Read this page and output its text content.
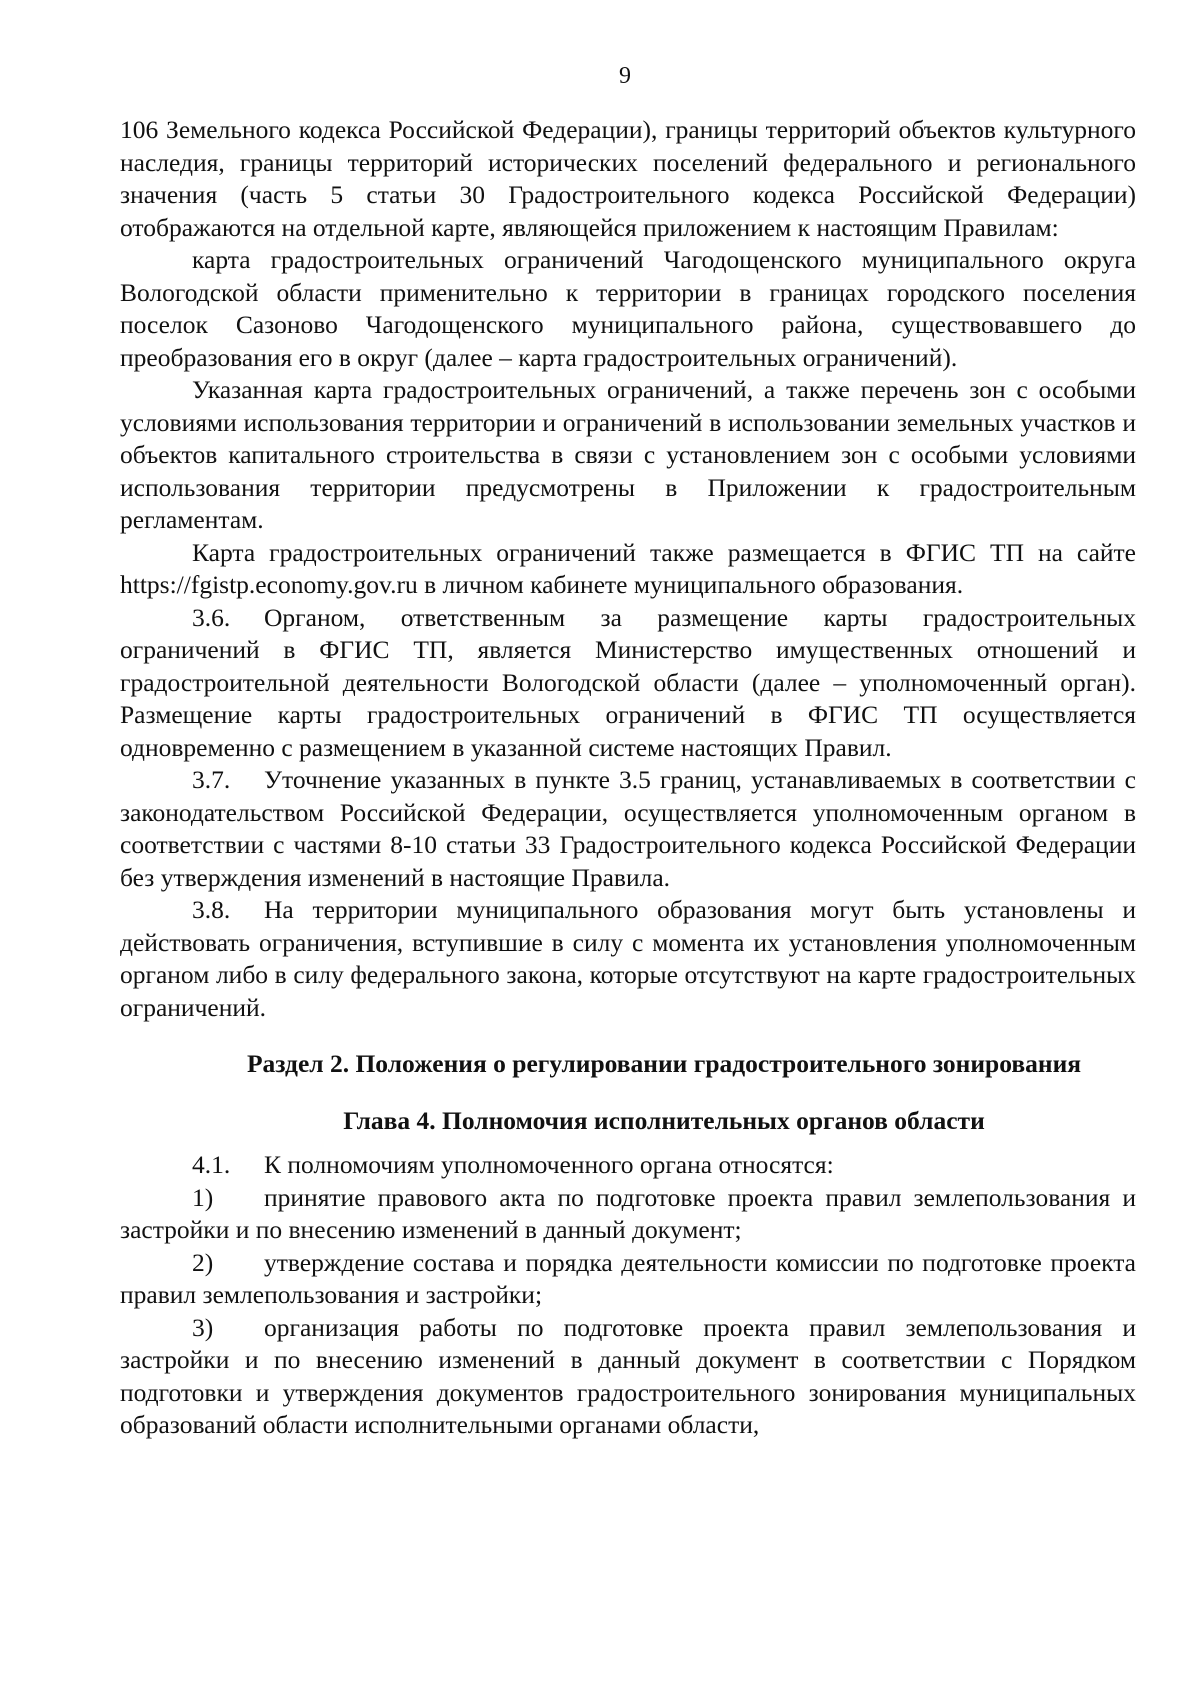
9

106 Земельного кодекса Российской Федерации), границы территорий объектов культурного наследия, границы территорий исторических поселений федерального и регионального значения (часть 5 статьи 30 Градостроительного кодекса Российской Федерации) отображаются на отдельной карте, являющейся приложением к настоящим Правилам:

карта градостроительных ограничений Чагодощенского муниципального округа Вологодской области применительно к территории в границах городского поселения поселок Сазоново Чагодощенского муниципального района, существовавшего до преобразования его в округ (далее – карта градостроительных ограничений).

Указанная карта градостроительных ограничений, а также перечень зон с особыми условиями использования территории и ограничений в использовании земельных участков и объектов капитального строительства в связи с установлением зон с особыми условиями использования территории предусмотрены в Приложении к градостроительным регламентам.

Карта градостроительных ограничений также размещается в ФГИС ТП на сайте https://fgistp.economy.gov.ru в личном кабинете муниципального образования.

3.6. Органом, ответственным за размещение карты градостроительных ограничений в ФГИС ТП, является Министерство имущественных отношений и градостроительной деятельности Вологодской области (далее – уполномоченный орган). Размещение карты градостроительных ограничений в ФГИС ТП осуществляется одновременно с размещением в указанной системе настоящих Правил.

3.7. Уточнение указанных в пункте 3.5 границ, устанавливаемых в соответствии с законодательством Российской Федерации, осуществляется уполномоченным органом в соответствии с частями 8-10 статьи 33 Градостроительного кодекса Российской Федерации без утверждения изменений в настоящие Правила.

3.8. На территории муниципального образования могут быть установлены и действовать ограничения, вступившие в силу с момента их установления уполномоченным органом либо в силу федерального закона, которые отсутствуют на карте градостроительных ограничений.

Раздел 2. Положения о регулировании градостроительного зонирования
Глава 4. Полномочия исполнительных органов области

4.1. К полномочиям уполномоченного органа относятся:

1) принятие правового акта по подготовке проекта правил землепользования и застройки и по внесению изменений в данный документ;

2) утверждение состава и порядка деятельности комиссии по подготовке проекта правил землепользования и застройки;

3) организация работы по подготовке проекта правил землепользования и застройки и по внесению изменений в данный документ в соответствии с Порядком подготовки и утверждения документов градостроительного зонирования муниципальных образований области исполнительными органами области,
